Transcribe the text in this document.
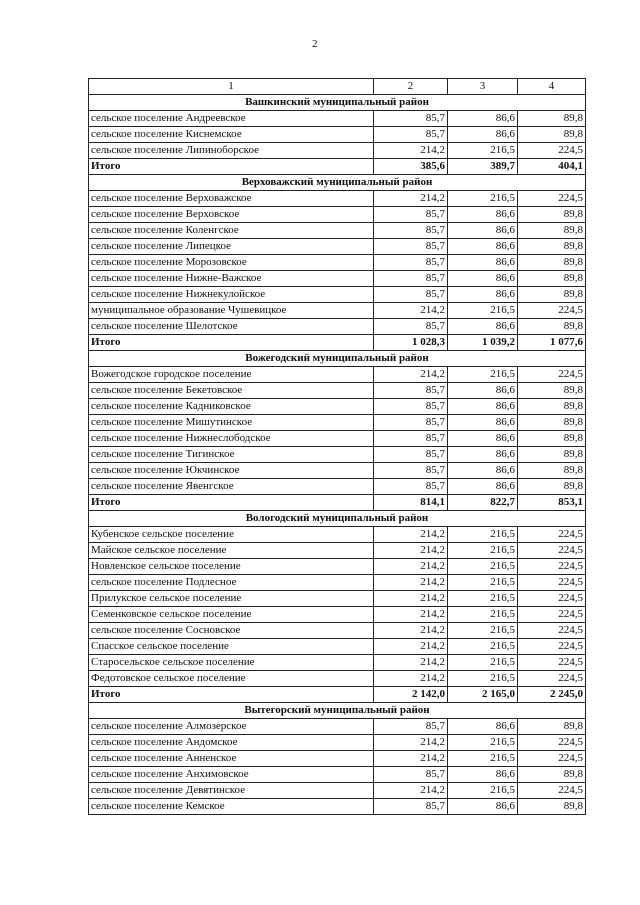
2
1	2	3	4
Вашкинский муниципальный район			
сельское поселение Андреевское	85,7	86,6	89,8
сельское поселение Киснемское	85,7	86,6	89,8
сельское поселение Липиноборское	214,2	216,5	224,5
Итого	385,6	389,7	404,1
Верховажский муниципальный район			
сельское поселение Верховажское	214,2	216,5	224,5
сельское поселение Верховское	85,7	86,6	89,8
сельское поселение Коленгское	85,7	86,6	89,8
сельское поселение Липецкое	85,7	86,6	89,8
сельское поселение Морозовское	85,7	86,6	89,8
сельское поселение Нижне-Важское	85,7	86,6	89,8
сельское поселение Нижнекулойское	85,7	86,6	89,8
муниципальное образование Чушевицкое	214,2	216,5	224,5
сельское поселение Шелотское	85,7	86,6	89,8
Итого	1 028,3	1 039,2	1 077,6
Вожегодский муниципальный район			
Вожегодское городское поселение	214,2	216,5	224,5
сельское поселение Бекетовское	85,7	86,6	89,8
сельское поселение Кадниковское	85,7	86,6	89,8
сельское поселение Мишутинское	85,7	86,6	89,8
сельское поселение Нижнеслободское	85,7	86,6	89,8
сельское поселение Тигинское	85,7	86,6	89,8
сельское поселение Юкчинское	85,7	86,6	89,8
сельское поселение Явенгское	85,7	86,6	89,8
Итого	814,1	822,7	853,1
Вологодский муниципальный район			
Кубенское сельское поселение	214,2	216,5	224,5
Майское сельское поселение	214,2	216,5	224,5
Новленское сельское поселение	214,2	216,5	224,5
сельское поселение Подлесное	214,2	216,5	224,5
Прилукское сельское поселение	214,2	216,5	224,5
Семенковское сельское поселение	214,2	216,5	224,5
сельское поселение Сосновское	214,2	216,5	224,5
Спасское сельское поселение	214,2	216,5	224,5
Старосельское сельское поселение	214,2	216,5	224,5
Федотовское сельское поселение	214,2	216,5	224,5
Итого	2 142,0	2 165,0	2 245,0
Вытегорский муниципальный район			
сельское поселение Алмозерское	85,7	86,6	89,8
сельское поселение Андомское	214,2	216,5	224,5
сельское поселение Анненское	214,2	216,5	224,5
сельское поселение Анхимовское	85,7	86,6	89,8
сельское поселение Девятинское	214,2	216,5	224,5
сельское поселение Кемское	85,7	86,6	89,8
